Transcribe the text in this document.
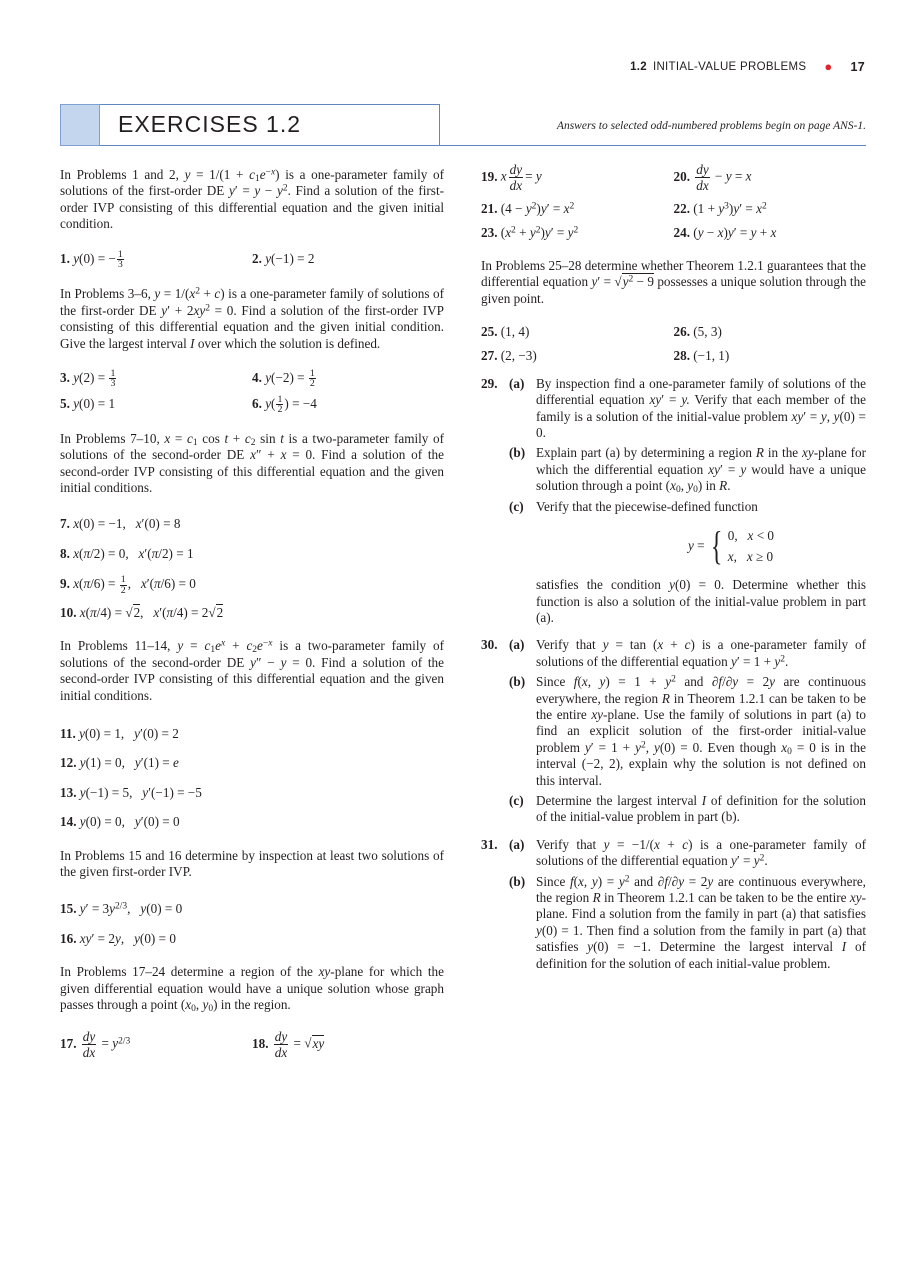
1.2 INITIAL-VALUE PROBLEMS ● 17
EXERCISES 1.2	Answers to selected odd-numbered problems begin on page ANS-1.

In Problems 1 and 2, $y = 1/(1 + c_1e^{-x})$ is a one-parameter family of solutions of the first-order DE $y' = y - y^2$. Find a solution of the first-order IVP consisting of this differential equation and the given initial condition.

1. y(0) = − $\frac{1}{3}$	2. y(−1) = 2

In Problems 3–6, $y = 1/(x^2 + c)$ is a one-parameter family of solutions of the first-order DE $y' + 2xy^2 = 0$. Find a solution of the first-order IVP consisting of this differential equation and the given initial condition. Give the largest interval I over which the solution is defined.

3. $y(2) = \frac{1}{3}$	4. $y(-2) = \frac{1}{2}$
5. y(0) = 1	6. $y( \frac{1}{2}$ ) = −4

In Problems 7–10, $x = c_1$ $\cos t + c_2$ sin t is a two-parameter family of solutions of the second-order DE x″ + x = 0. Find a solution of the second-order IVP consisting of this differential equation and the given initial conditions.

7. x(0) = −1,   x′(0) = 8
8. x(π/2) = 0,   x′(π/2) = 1
9. $x(\pi/6) = \frac{1}{2}$ ,   x′(π/6) = 0
10. x(π/4) = √2,   x′(π/4) = 2√2

In Problems 11–14, $y = c_1e^x + c_2e^{-x}$ is a two-parameter family of solutions of the second-order DE y″ − y = 0. Find a solution of the second-order IVP consisting of this differential equation and the given initial conditions.

11. y(0) = 1,   y′(0) = 2
12. y(1) = 0,   y′(1) = e
13. y(−1) = 5,   y′(−1) = −5
14. y(0) = 0,   y′(0) = 0

In Problems 15 and 16 determine by inspection at least two solutions of the given first-order IVP.

15. $y' = 3y^{2/3}$,   y(0) = 0
16. xy′ = 2y,   y(0) = 0

In Problems 17–24 determine a region of the xy-plane for which the given differential equation would have a unique solution whose graph passes through a point ($x_0$, $y_0$) in the region.

17. $\frac{dy}{dx} = y^{2/3}$	18. $\frac{dy}{dx} = √xy$
19. x $\frac{dy}{dx} = y$	20. $\frac{dy}{dx} - y = x$
21. $(4 - y^2)y' = x^2$	22. $(1 + y^3)y' = x^2$
23. $(x^2 + y^2)y' = y^2$	24. (y − x)y′ = y + x

In Problems 25–28 determine whether Theorem 1.2.1 guarantees that the differential equation $y' = √y^2 - 9$ possesses a unique solution through the given point.

25. (1, 4)	26. (5, 3)
27. (2, −3)	28. (−1, 1)
29. (a) By inspection find a one-parameter family of solutions of the differential equation xy′ = y. Verify that each member of the family is a solution of the initial-value problem xy′ = y, y(0) = 0.
(b) Explain part (a) by determining a region R in the xy-plane for which the differential equation xy′ = y would have a unique solution through a point ($x_0$, $y_0$) in R.
(c) Verify that the piecewise-defined function
y = { 0,   x < 0
x,   x ≥ 0
satisfies the condition y(0) = 0. Determine whether this function is also a solution of the initial-value problem in part (a).
30. (a) Verify that y = tan (x + c) is a one-parameter family of solutions of the differential equation $y' = 1 + y^2$.
(b) Since f(x, $y) = 1 + y^2$ and ∂f/∂y = 2y are continuous everywhere, the region R in Theorem 1.2.1 can be taken to be the entire xy-plane. Use the family of solutions in part (a) to find an explicit solution of the first-order initial-value problem $y' = 1 + y^2$, y(0) = 0. Even though $x_0 = 0$ is in the interval (−2, 2), explain why the solution is not defined on this interval.
(c) Determine the largest interval I of definition for the solution of the initial-value problem in part (b).
31. (a) Verify that y = −1/(x + c) is a one-parameter family of solutions of the differential equation $y' = y^2$.
(b) Since f(x, $y) = y^2$ and ∂f/∂y = 2y are continuous everywhere, the region R in Theorem 1.2.1 can be taken to be the entire xy-plane. Find a solution from the family in part (a) that satisfies y(0) = 1. Then find a solution from the family in part (a) that satisfies y(0) = −1. Determine the largest interval I of definition for the solution of each initial-value problem.
